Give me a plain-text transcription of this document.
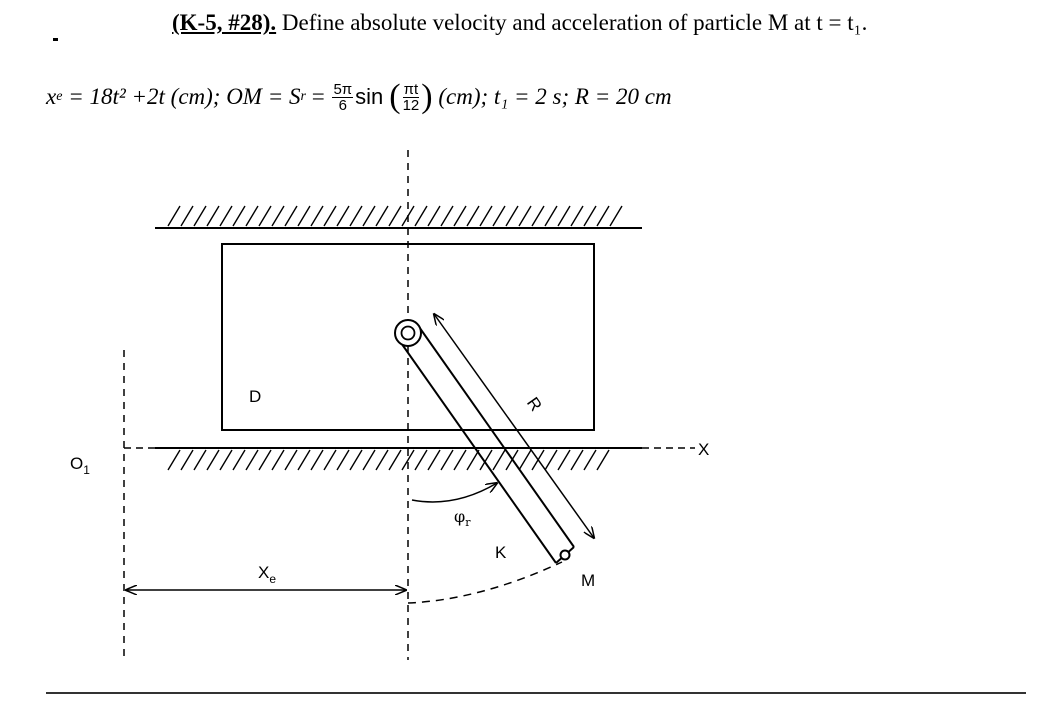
(K-5, #28). Define absolute velocity and acceleration of particle M at t = t₁.
x e = 18t² +2t (cm); OM = S $r = \frac{5\pi}{6}$ sin ( $\frac{\pi t}{12}$ ) (cm); t₁ = 2 s; R = 20 cm
D	R
X
$O_1$
$\varphi_r$
K
M
$X_e$
